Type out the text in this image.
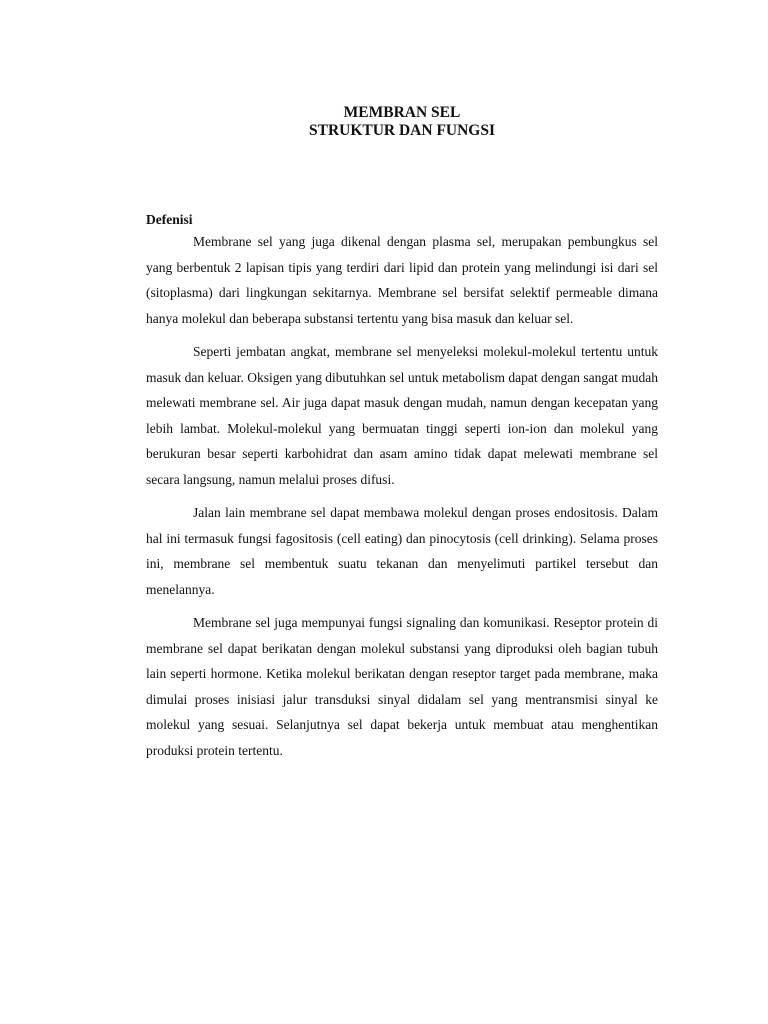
MEMBRAN SEL
STRUKTUR DAN FUNGSI
Defenisi

Membrane sel yang juga dikenal dengan plasma sel, merupakan pembungkus sel yang berbentuk 2 lapisan tipis yang terdiri dari lipid dan protein yang melindungi isi dari sel (sitoplasma) dari lingkungan sekitarnya. Membrane sel bersifat selektif permeable dimana hanya molekul dan beberapa substansi tertentu yang bisa masuk dan keluar sel.

Seperti jembatan angkat, membrane sel menyeleksi molekul-molekul tertentu untuk masuk dan keluar. Oksigen yang dibutuhkan sel untuk metabolism dapat dengan sangat mudah melewati membrane sel. Air juga dapat masuk dengan mudah, namun dengan kecepatan yang lebih lambat. Molekul-molekul yang bermuatan tinggi seperti ion-ion dan molekul yang berukuran besar seperti karbohidrat dan asam amino tidak dapat melewati membrane sel secara langsung, namun melalui proses difusi.

Jalan lain membrane sel dapat membawa molekul dengan proses endositosis. Dalam hal ini termasuk fungsi fagositosis (cell eating) dan pinocytosis (cell drinking). Selama proses ini, membrane sel membentuk suatu tekanan dan menyelimuti partikel tersebut dan menelannya.

Membrane sel juga mempunyai fungsi signaling dan komunikasi. Reseptor protein di membrane sel dapat berikatan dengan molekul substansi yang diproduksi oleh bagian tubuh lain seperti hormone. Ketika molekul berikatan dengan reseptor target pada membrane, maka dimulai proses inisiasi jalur transduksi sinyal didalam sel yang mentransmisi sinyal ke molekul yang sesuai. Selanjutnya sel dapat bekerja untuk membuat atau menghentikan produksi protein tertentu.
